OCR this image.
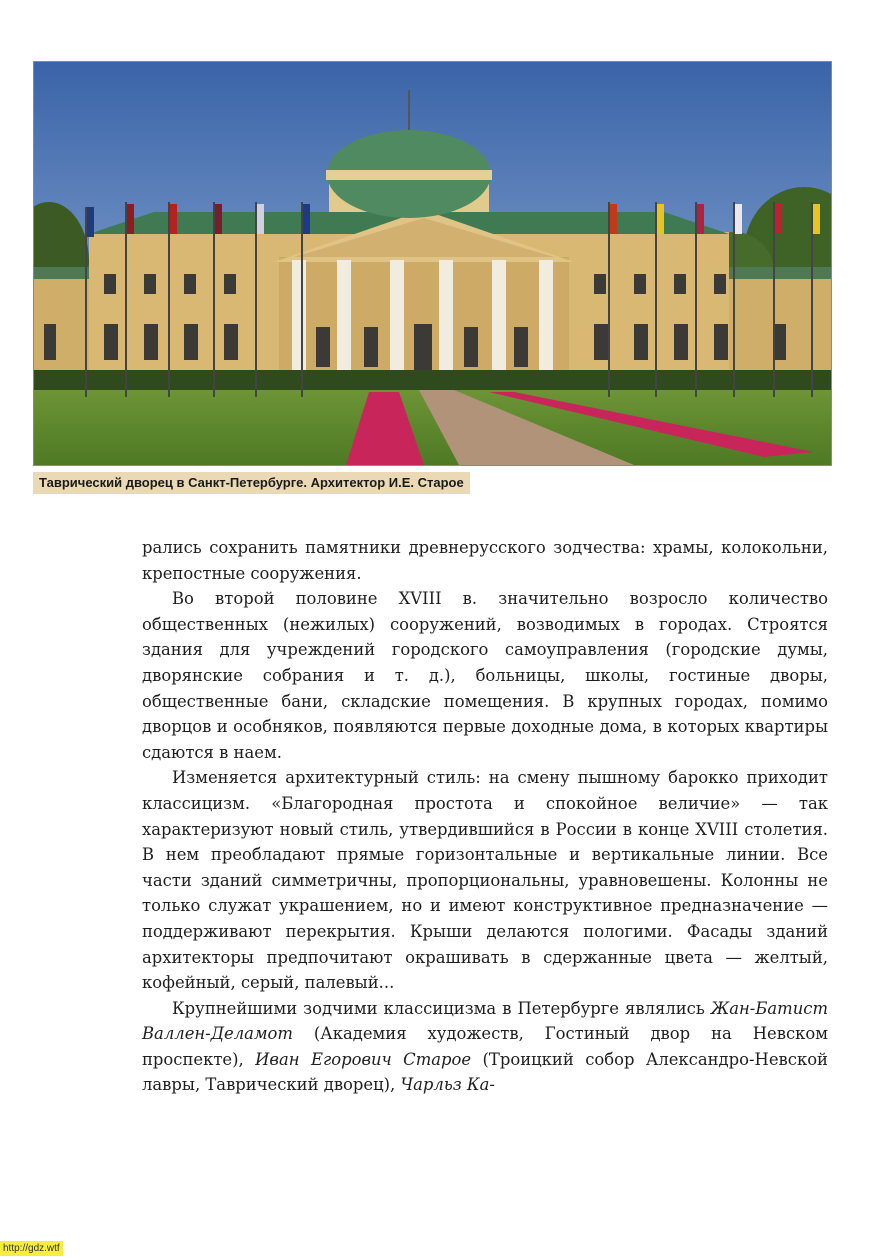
Таврический дворец в Санкт-Петербурге. Архитектор И.Е. Старое

рались сохранить памятники древнерусского зодчества: храмы, колокольни, крепостные сооружения.

Во второй половине XVIII в. значительно возросло количество общественных (нежилых) сооружений, возводимых в городах. Строятся здания для учреждений городского самоуправления (городские думы, дворянские собрания и т. д.), больницы, школы, гостиные дворы, общественные бани, складские помещения. В крупных городах, помимо дворцов и особняков, появляются первые доходные дома, в которых квартиры сдаются в наем.

Изменяется архитектурный стиль: на смену пышному барокко приходит классицизм. «Благородная простота и спокойное величие» — так характеризуют новый стиль, утвердившийся в России в конце XVIII столетия. В нем преобладают прямые горизонтальные и вертикальные линии. Все части зданий симметричны, пропорциональны, уравновешены. Колонны не только служат украшением, но и имеют конструктивное предназначение — поддерживают перекрытия. Крыши делаются пологими. Фасады зданий архитекторы предпочитают окрашивать в сдержанные цвета — желтый, кофейный, серый, палевый...

Крупнейшими зодчими классицизма в Петербурге являлись Жан-Батист Валлен-Деламот (Академия художеств, Гостиный двор на Невском проспекте), Иван Егорович Старое (Троицкий собор Александро-Невской лавры, Таврический дворец), Чарльз Ка-

http://gdz.wtf
